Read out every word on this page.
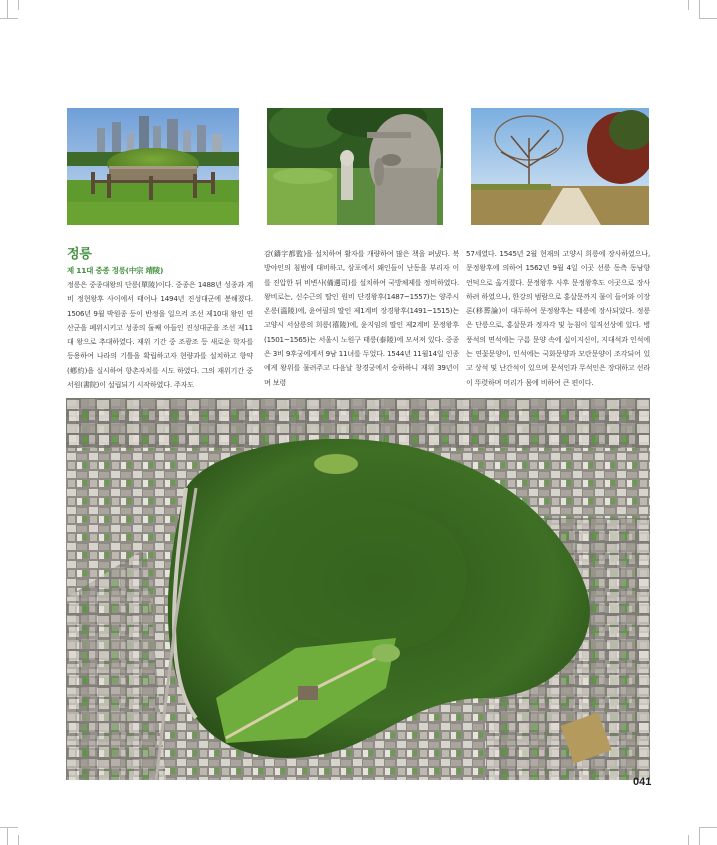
정릉
제 11대 중종 정릉(中宗 靖陵)

정릉은 중종대왕의 단릉(單陵)이다. 중종은 1488년 성종과 계비 정현왕후 사이에서 태어나 1494년 진성대군에 봉해졌다. 1506년 9월 박원종 등이 반정을 일으켜 조선 제10대 왕인 연산군을 폐위시키고 성종의 둘째 아들인 진성대군을 조선 제11대 왕으로 추대하였다. 재위 기간 중 조광조 등 새로운 학자를 등용하여 나라의 기틀을 확립하고자 현량과를 설치하고 향약(鄕約)을 실시하여 향촌자치를 시도 하였다. 그의 재위기간 중 서원(書院)이 설립되기 시작하였다. 주자도

감(鑄字都監)을 설치하여 활자를 개량하여 많은 책을 펴냈다. 북방야인의 침범에 대비하고, 삼포에서 왜인들이 난동을 부리자 이를 진압한 뒤 비변사(備邊司)를 설치하여 국방체제를 정비하였다. 왕비로는, 신수근의 딸인 원비 단경왕후(1487~1557)는 양주시 온릉(溫陵)에, 윤여필의 딸인 제1계비 장경왕후(1491~1515)는 고양시 서삼릉의 희릉(禧陵)에, 윤지임의 딸인 제2계비 문정왕후(1501~1565)는 서울시 노원구 태릉(泰陵)에 모셔져 있다. 중종은 3비 9후궁에게서 9남 11녀를 두었다. 1544년 11월14일 인종에게 왕위를 물려주고 다음날 창경궁에서 승하하니 재위 39년이며 보령

57세였다. 1545년 2월 현재의 고양시 희릉에 장사하였으나, 문정왕후에 의하여 1562년 9월 4일 이곳 선릉 동측 동남향 언덕으로 옮겨졌다. 문정왕후 사후 문정왕후도 이곳으로 장사하려 하였으나, 한강의 범람으로 홍살문까지 물이 들어와 이장론(移葬論)이 대두하여 문정왕후는 태릉에 장사되었다. 정릉은 단릉으로, 홍살문과 정자각 및 능침이 일직선상에 있다. 병풍석의 면석에는 구름 문양 속에 십이지신이, 지대석과 인석에는 연꽃문양이, 인석에는 국화문양과 모란문양이 조각되어 있고 상석 및 난간석이 있으며 문석인과 무석인은 장대하고 선라이 뚜렷하며 머리가 몸에 비하여 큰 편이다.

041
